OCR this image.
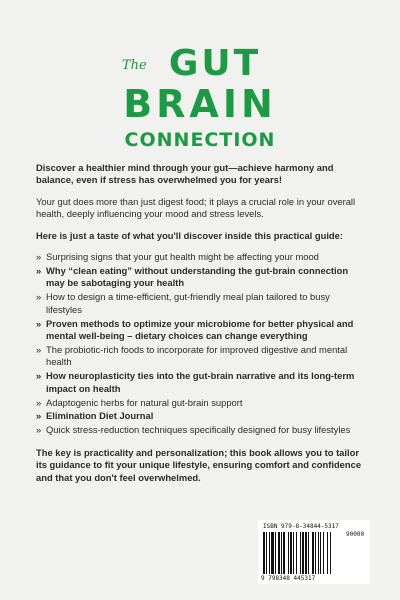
The GUT
BRAIN
CONNECTION

Discover a healthier mind through your gut—achieve harmony and balance, even if stress has overwhelmed you for years!

Your gut does more than just digest food; it plays a crucial role in your overall health, deeply influencing your mood and stress levels.

Here is just a taste of what you'll discover inside this practical guide:

» Surprising signs that your gut health might be affecting your mood
» Why “clean eating” without understanding the gut-brain connection may be sabotaging your health
» How to design a time-efficient, gut-friendly meal plan tailored to busy lifestyles
» Proven methods to optimize your microbiome for better physical and mental well-being – dietary choices can change everything
» The probiotic-rich foods to incorporate for improved digestive and mental health
» How neuroplasticity ties into the gut-brain narrative and its long-term impact on health
» Adaptogenic herbs for natural gut-brain support
» Elimination Diet Journal
» Quick stress-reduction techniques specifically designed for busy lifestyles

The key is practicality and personalization; this book allows you to tailor its guidance to fit your unique lifestyle, ensuring comfort and confidence and that you don't feel overwhelmed.

ISBN 979-8-34844-5317
90000
9 798348 445317
